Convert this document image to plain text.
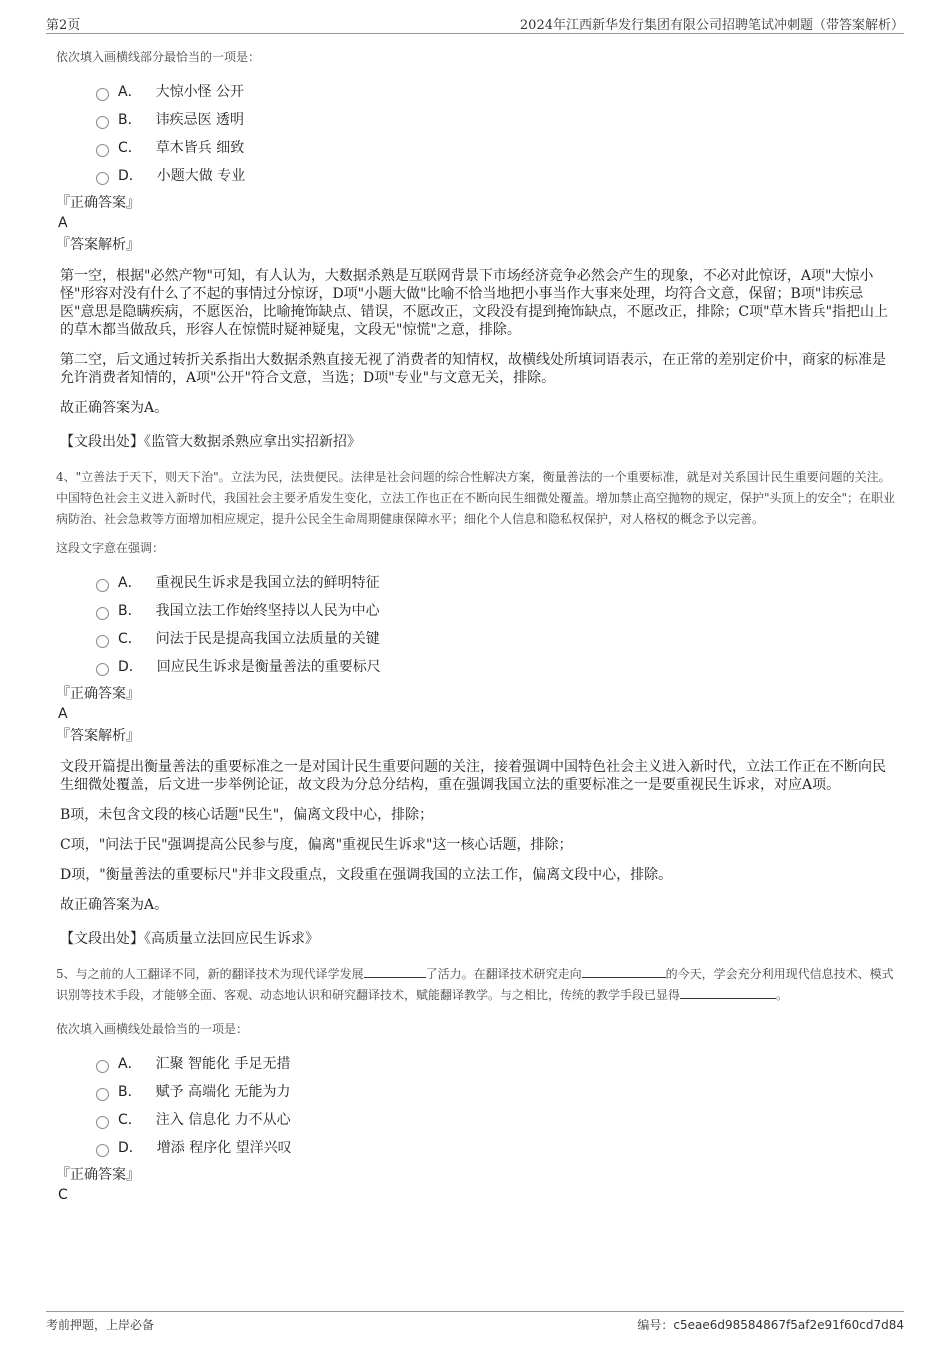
第2页	2024年江西新华发行集团有限公司招聘笔试冲刺题（带答案解析）
依次填入画横线部分最恰当的一项是：
A． 大惊小怪 公开
B． 讳疾忌医 透明
C． 草木皆兵 细致
D． 小题大做 专业
『正确答案』
A
『答案解析』
第一空，根据"必然产物"可知，有人认为，大数据杀熟是互联网背景下市场经济竞争必然会产生的现象，不必对此惊讶，A项"大惊小怪"形容对没有什么了不起的事情过分惊讶，D项"小题大做"比喻不恰当地把小事当作大事来处理，均符合文意，保留；B项"讳疾忌医"意思是隐瞒疾病，不愿医治，比喻掩饰缺点、错误，不愿改正，文段没有提到掩饰缺点，不愿改正，排除；C项"草木皆兵"指把山上的草木都当做敌兵，形容人在惊慌时疑神疑鬼，文段无"惊慌"之意，排除。
第二空，后文通过转折关系指出大数据杀熟直接无视了消费者的知情权，故横线处所填词语表示，在正常的差别定价中，商家的标准是允许消费者知情的，A项"公开"符合文意，当选；D项"专业"与文意无关，排除。
故正确答案为A。
【文段出处】《监管大数据杀熟应拿出实招新招》
4、"立善法于天下，则天下治"。立法为民，法贵便民。法律是社会问题的综合性解决方案，衡量善法的一个重要标准，就是对关系国计民生重要问题的关注。中国特色社会主义进入新时代，我国社会主要矛盾发生变化，立法工作也正在不断向民生细微处覆盖。增加禁止高空抛物的规定，保护"头顶上的安全"；在职业病防治、社会急救等方面增加相应规定，提升公民全生命周期健康保障水平；细化个人信息和隐私权保护，对人格权的概念予以完善。
这段文字意在强调：
A． 重视民生诉求是我国立法的鲜明特征
B． 我国立法工作始终坚持以人民为中心
C． 问法于民是提高我国立法质量的关键
D． 回应民生诉求是衡量善法的重要标尺
『正确答案』
A
『答案解析』
文段开篇提出衡量善法的重要标准之一是对国计民生重要问题的关注，接着强调中国特色社会主义进入新时代，立法工作正在不断向民生细微处覆盖，后文进一步举例论证，故文段为分总分结构，重在强调我国立法的重要标准之一是要重视民生诉求，对应A项。
B项，未包含文段的核心话题"民生"，偏离文段中心，排除；
C项，"问法于民"强调提高公民参与度，偏离"重视民生诉求"这一核心话题，排除；
D项，"衡量善法的重要标尺"并非文段重点，文段重在强调我国的立法工作，偏离文段中心，排除。
故正确答案为A。
【文段出处】《高质量立法回应民生诉求》
5、与之前的人工翻译不同，新的翻译技术为现代译学发展	了活力。在翻译技术研究走向	的今天，学会充分利用现代信息技术、模式识别等技术手段，才能够全面、客观、动态地认识和研究翻译技术，赋能翻译教学。与之相比，传统的教学手段已显得	。
依次填入画横线处最恰当的一项是：
A． 汇聚 智能化 手足无措
B． 赋予 高端化 无能为力
C． 注入 信息化 力不从心
D． 增添 程序化 望洋兴叹
『正确答案』
C
考前押题，上岸必备	编号：c5eae6d98584867f5af2e91f60cd7d84
